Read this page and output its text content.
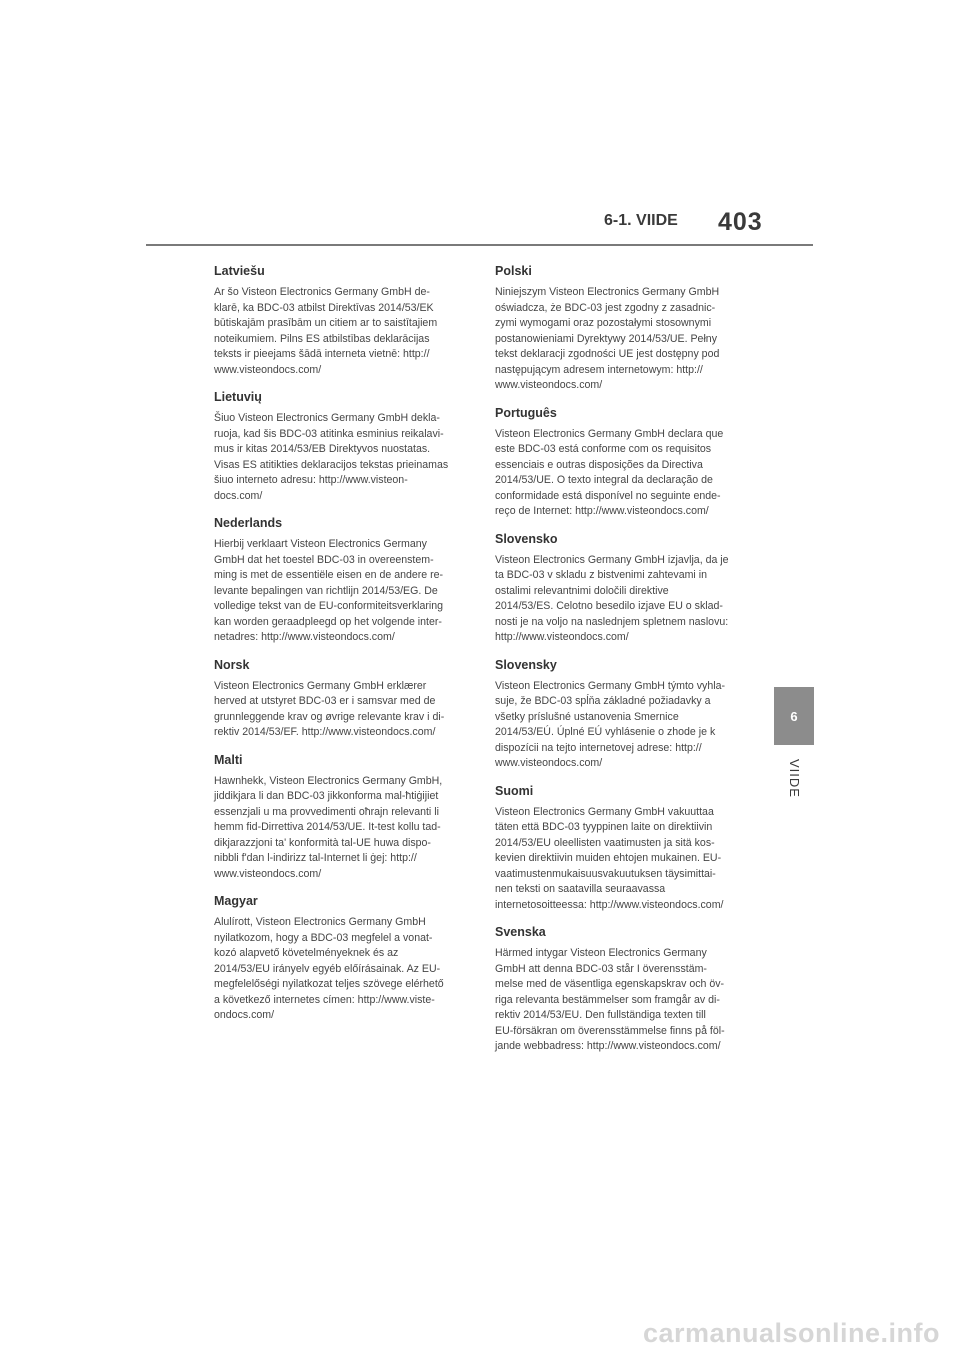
6-1. VIIDE 403
Latviešu

Ar šo Visteon Electronics Germany GmbH de-
klarē, ka BDC-03 atbilst Direktīvas 2014/53/EK
būtiskajām prasībām un citiem ar to saistītajiem
noteikumiem. Pilns ES atbilstības deklarācijas
teksts ir pieejams šādā interneta vietnē: http://
www.visteondocs.com/

Lietuvių

Šiuo Visteon Electronics Germany GmbH dekla-
ruoja, kad šis BDC-03 atitinka esminius reikalavi-
mus ir kitas 2014/53/EB Direktyvos nuostatas.
Visas ES atitikties deklaracijos tekstas prieinamas
šiuo interneto adresu: http://www.visteon-
docs.com/

Nederlands

Hierbij verklaart Visteon Electronics Germany
GmbH dat het toestel BDC-03 in overeenstem-
ming is met de essentiële eisen en de andere re-
levante bepalingen van richtlijn 2014/53/EG. De
volledige tekst van de EU-conformiteitsverklaring
kan worden geraadpleegd op het volgende inter-
netadres: http://www.visteondocs.com/

Norsk

Visteon Electronics Germany GmbH erklærer
herved at utstyret BDC-03 er i samsvar med de
grunnleggende krav og øvrige relevante krav i di-
rektiv 2014/53/EF. http://www.visteondocs.com/

Malti

Hawnhekk, Visteon Electronics Germany GmbH,
jiddikjara li dan BDC-03 jikkonforma mal-ħtiġijiet
essenzjali u ma provvedimenti oħrajn relevanti li
hemm fid-Dirrettiva 2014/53/UE. It-test kollu tad-
dikjarazzjoni ta' konformità tal-UE huwa dispo-
nibbli f'dan l-indirizz tal-Internet li ġej: http://
www.visteondocs.com/

Magyar

Alulírott, Visteon Electronics Germany GmbH
nyilatkozom, hogy a BDC-03 megfelel a vonat-
kozó alapvető követelményeknek és az
2014/53/EU irányelv egyéb előírásainak. Az EU-
megfelelőségi nyilatkozat teljes szövege elérhető
a következő internetes címen: http://www.viste-
ondocs.com/

Polski

Niniejszym Visteon Electronics Germany GmbH
oświadcza, że BDC-03 jest zgodny z zasadnic-
zymi wymogami oraz pozostałymi stosownymi
postanowieniami Dyrektywy 2014/53/UE. Pełny
tekst deklaracji zgodności UE jest dostępny pod
następującym adresem internetowym: http://
www.visteondocs.com/

Português

Visteon Electronics Germany GmbH declara que
este BDC-03 está conforme com os requisitos
essenciais e outras disposições da Directiva
2014/53/UE. O texto integral da declaração de
conformidade está disponível no seguinte ende-
reço de Internet: http://www.visteondocs.com/

Slovensko

Visteon Electronics Germany GmbH izjavlja, da je
ta BDC-03 v skladu z bistvenimi zahtevami in
ostalimi relevantnimi določili direktive
2014/53/ES. Celotno besedilo izjave EU o sklad-
nosti je na voljo na naslednjem spletnem naslovu:
http://www.visteondocs.com/

Slovensky

Visteon Electronics Germany GmbH týmto vyhla-
suje, že BDC-03 spĺňa základné požiadavky a
všetky príslušné ustanovenia Smernice
2014/53/EÚ. Úplné EÚ vyhlásenie o zhode je k
dispozícii na tejto internetovej adrese: http://
www.visteondocs.com/

Suomi

Visteon Electronics Germany GmbH vakuuttaa
täten että BDC-03 tyyppinen laite on direktiivin
2014/53/EU oleellisten vaatimusten ja sitä kos-
kevien direktiivin muiden ehtojen mukainen. EU-
vaatimustenmukaisuusvakuutuksen täysimittai-
nen teksti on saatavilla seuraavassa
internetosoitteessa: http://www.visteondocs.com/

Svenska

Härmed intygar Visteon Electronics Germany
GmbH att denna BDC-03 står I överensstäm-
melse med de väsentliga egenskapskrav och öv-
riga relevanta bestämmelser som framgår av di-
rektiv 2014/53/EU. Den fullständiga texten till
EU-försäkran om överensstämmelse finns på föl-
jande webbadress: http://www.visteondocs.com/

6
VIIDE
carmanualsonline.info
